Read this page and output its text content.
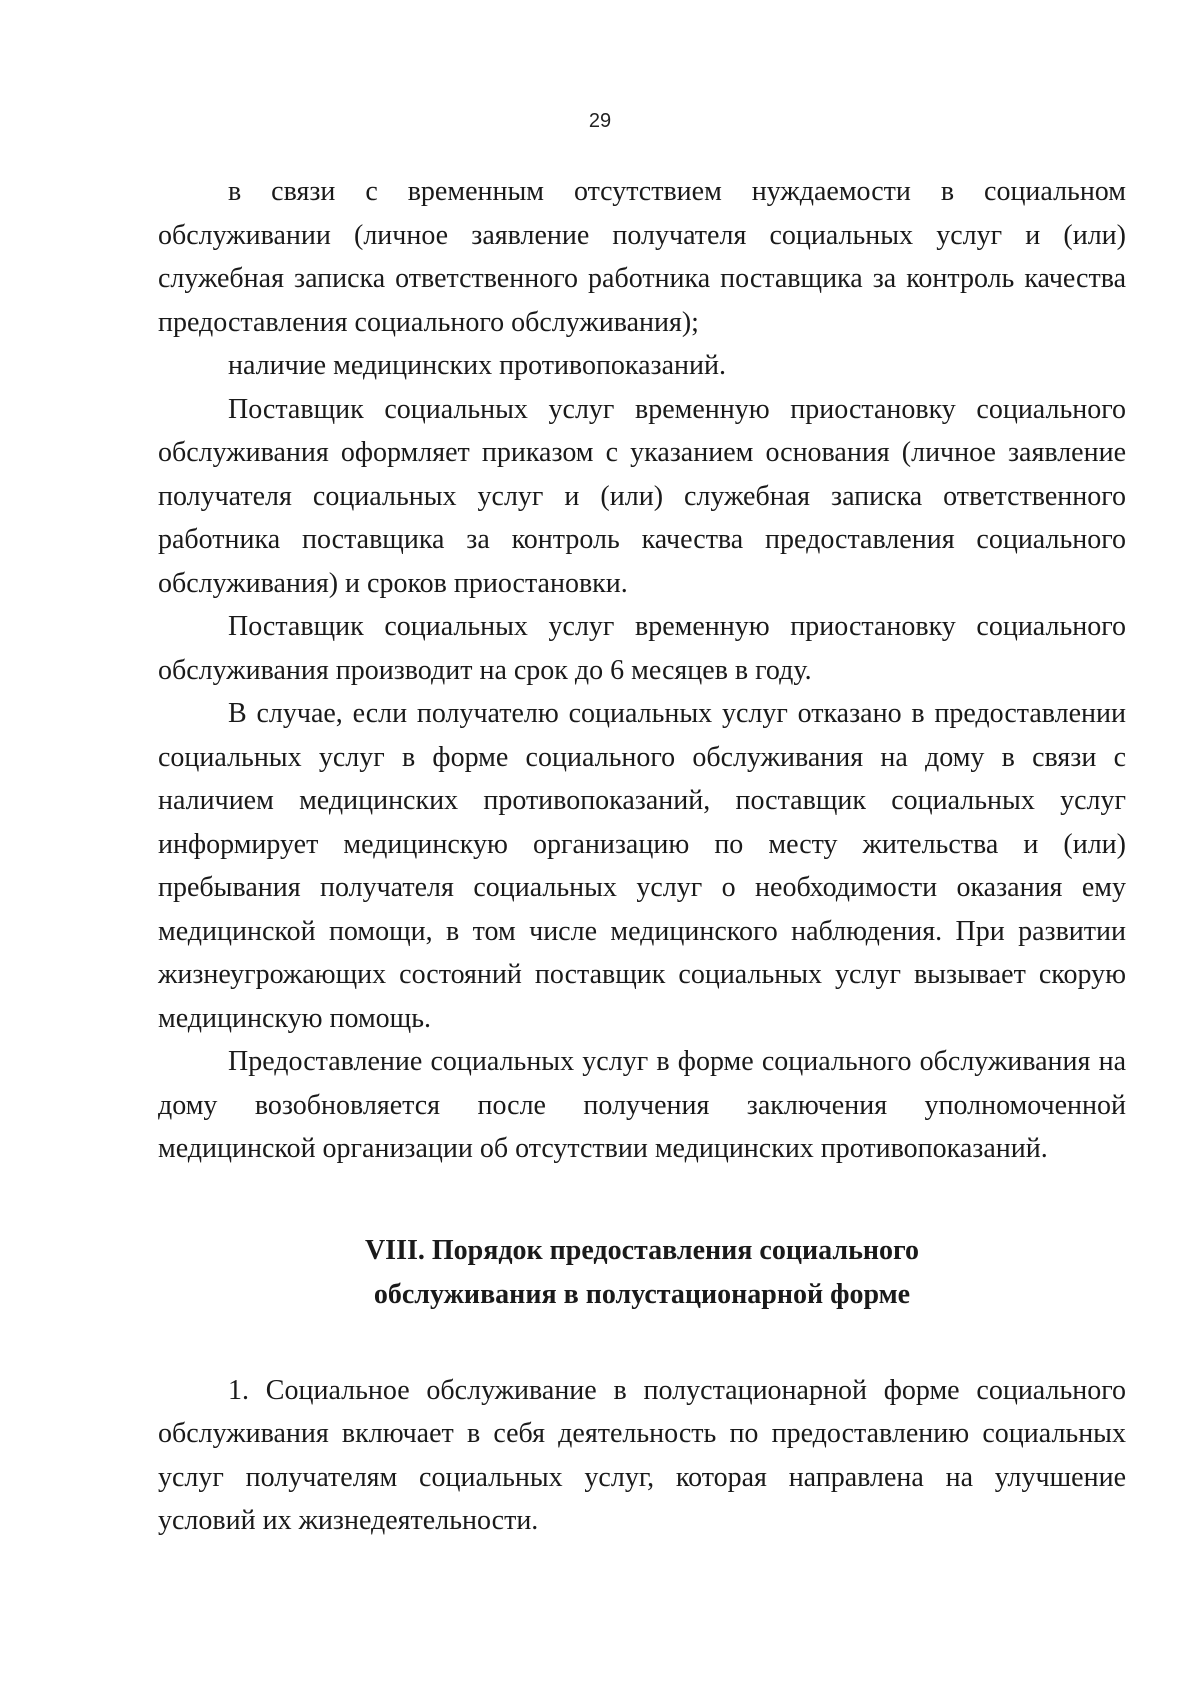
29

в связи с временным отсутствием нуждаемости в социальном обслуживании (личное заявление получателя социальных услуг и (или) служебная записка ответственного работника поставщика за контроль качества предоставления социального обслуживания);

наличие медицинских противопоказаний.

Поставщик социальных услуг временную приостановку социального обслуживания оформляет приказом с указанием основания (личное заявление получателя социальных услуг и (или) служебная записка ответственного работника поставщика за контроль качества предоставления социального обслуживания) и сроков приостановки.

Поставщик социальных услуг временную приостановку социального обслуживания производит на срок до 6 месяцев в году.

В случае, если получателю социальных услуг отказано в предоставлении социальных услуг в форме социального обслуживания на дому в связи с наличием медицинских противопоказаний, поставщик социальных услуг информирует медицинскую организацию по месту жительства и (или) пребывания получателя социальных услуг о необходимости оказания ему медицинской помощи, в том числе медицинского наблюдения. При развитии жизнеугрожающих состояний поставщик социальных услуг вызывает скорую медицинскую помощь.

Предоставление социальных услуг в форме социального обслуживания на дому возобновляется после получения заключения уполномоченной медицинской организации об отсутствии медицинских противопоказаний.

VIII. Порядок предоставления социального
обслуживания в полустационарной форме

1. Социальное обслуживание в полустационарной форме социального обслуживания включает в себя деятельность по предоставлению социальных услуг получателям социальных услуг, которая направлена на улучшение условий их жизнедеятельности.
